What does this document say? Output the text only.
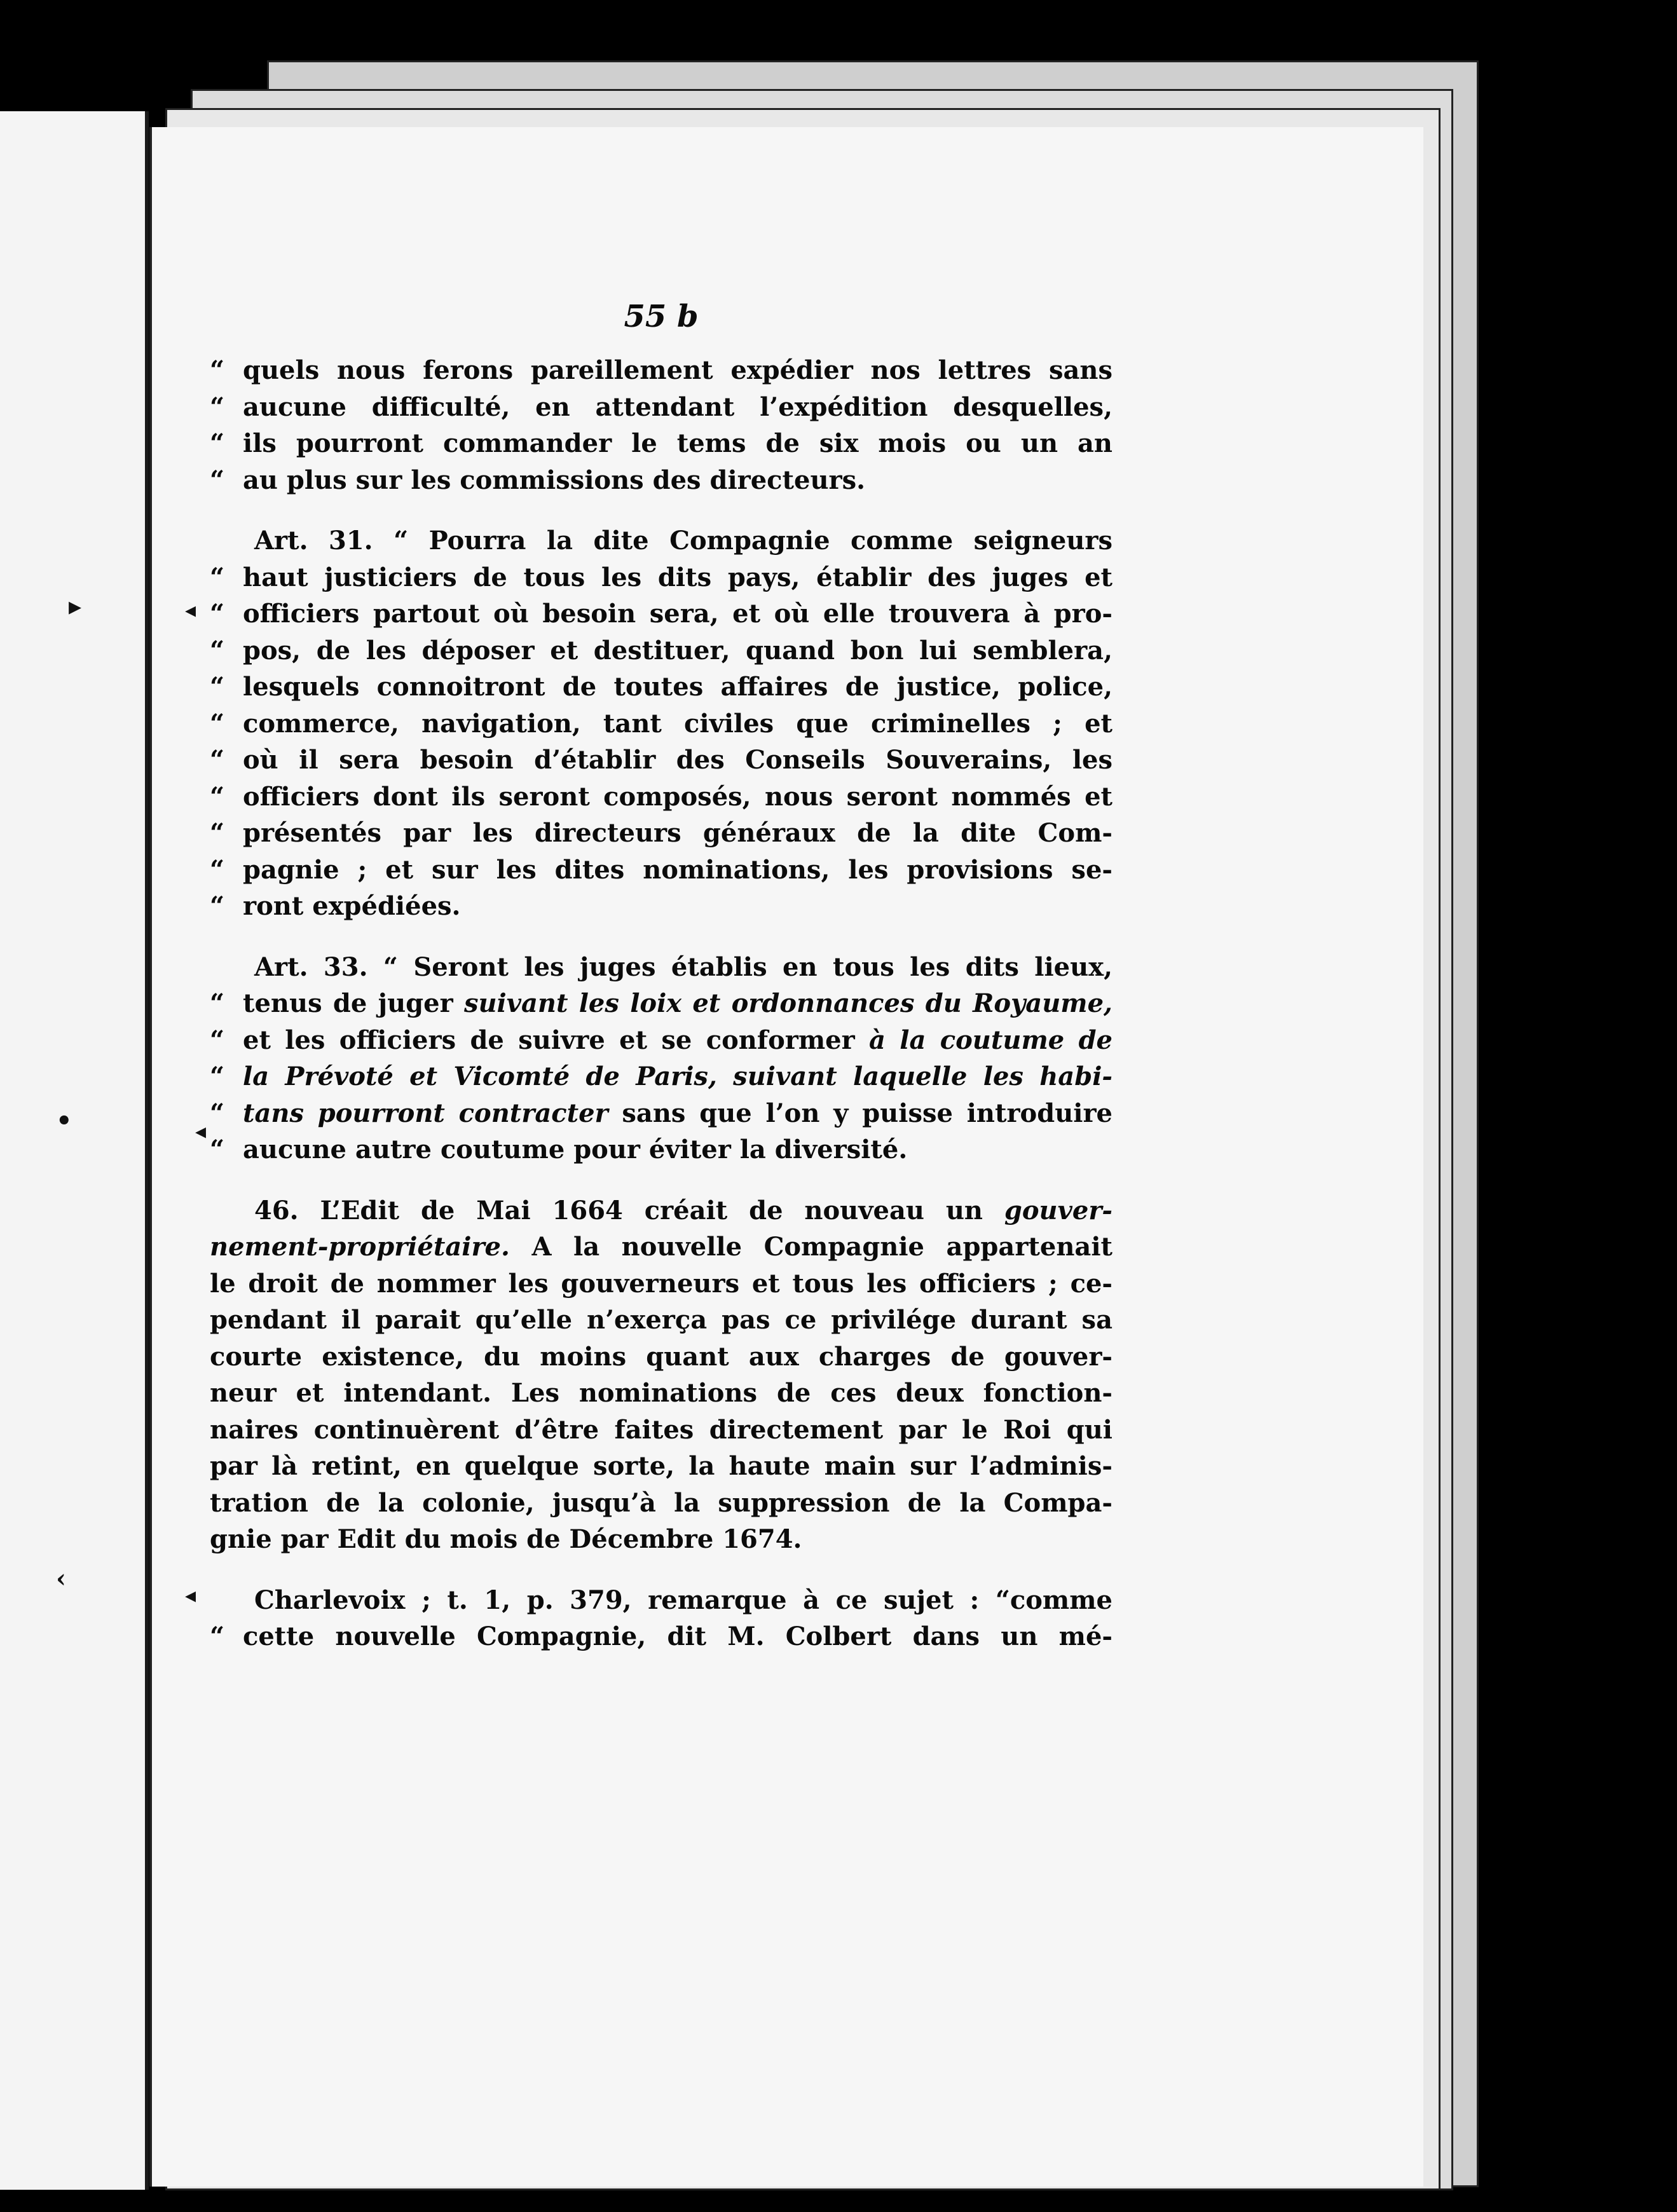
▸
•
‹
◂
◂
◂
55 b
“ quels nous ferons pareillement expédier nos lettres sans
“ aucune difficulté, en attendant l’expédition desquelles,
“ ils pourront commander le tems de six mois ou un an
“ au plus sur les commissions des directeurs.
Art. 31. “ Pourra la dite Compagnie comme seigneurs
“ haut justiciers de tous les dits pays, établir des juges et
“ officiers partout où besoin sera, et où elle trouvera à pro-
“ pos, de les déposer et destituer, quand bon lui semblera,
“ lesquels connoitront de toutes affaires de justice, police,
“ commerce, navigation, tant civiles que criminelles ; et
“ où il sera besoin d’établir des Conseils Souverains, les
“ officiers dont ils seront composés, nous seront nommés et
“ présentés par les directeurs généraux de la dite Com-
“ pagnie ; et sur les dites nominations, les provisions se-
“ ront expédiées.
Art. 33. “ Seront les juges établis en tous les dits lieux,
“ tenus de juger suivant les loix et ordonnances du Royaume,
“ et les officiers de suivre et se conformer à la coutume de
“ la Prévoté et Vicomté de Paris, suivant laquelle les habi-
“ tans pourront contracter sans que l’on y puisse introduire
“ aucune autre coutume pour éviter la diversité.
46. L’Edit de Mai 1664 créait de nouveau un gouver-
nement-propriétaire. A la nouvelle Compagnie appartenait
le droit de nommer les gouverneurs et tous les officiers ; ce-
pendant il parait qu’elle n’exerça pas ce privilége durant sa
courte existence, du moins quant aux charges de gouver-
neur et intendant. Les nominations de ces deux fonction-
naires continuèrent d’être faites directement par le Roi qui
par là retint, en quelque sorte, la haute main sur l’adminis-
tration de la colonie, jusqu’à la suppression de la Compa-
gnie par Edit du mois de Décembre 1674.
Charlevoix ; t. 1, p. 379, remarque à ce sujet : “comme
“ cette nouvelle Compagnie, dit M. Colbert dans un mé-
